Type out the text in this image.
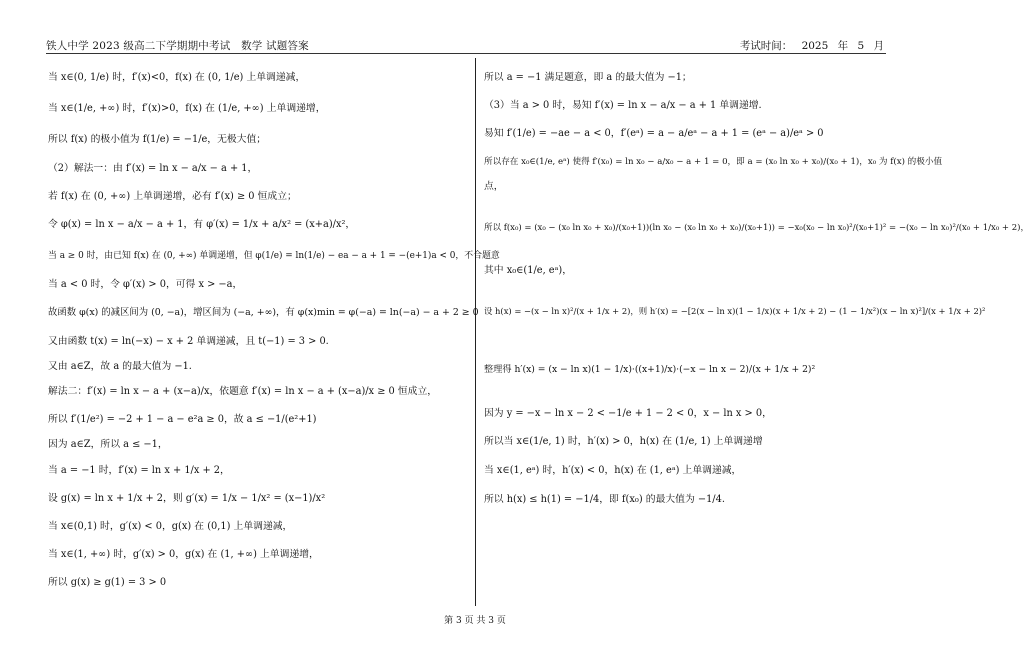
铁人中学 2023 级高二下学期期中考试　数学 试题答案	考试时间： 2025 年 5 月
当 x∈(0, 1/e) 时，f′(x)<0，f(x) 在 (0, 1/e) 上单调递减，
当 x∈(1/e, +∞) 时，f′(x)>0，f(x) 在 (1/e, +∞) 上单调递增，
所以 f(x) 的极小值为 f(1/e) = −1/e，无极大值；
（2）解法一：由 f′(x) = ln x − a/x − a + 1，
若 f(x) 在 (0, +∞) 上单调递增，必有 f′(x) ≥ 0 恒成立；
令 φ(x) = ln x − a/x − a + 1，有 φ′(x) = 1/x + a/x² = (x+a)/x²，
当 a ≥ 0 时，由已知 f(x) 在 (0, +∞) 单调递增，但 φ(1/e) = ln(1/e) − ea − a + 1 = −(e+1)a < 0，不合题意
当 a < 0 时，令 φ′(x) > 0，可得 x > −a，
故函数 φ(x) 的减区间为 (0, −a)，增区间为 (−a, +∞)，有 φ(x)min = φ(−a) = ln(−a) − a + 2 ≥ 0
又由函数 t(x) = ln(−x) − x + 2 单调递减，且 t(−1) = 3 > 0.
又由 a∈Z，故 a 的最大值为 −1.
解法二：f′(x) = ln x − a + (x−a)/x，依题意 f′(x) = ln x − a + (x−a)/x ≥ 0 恒成立，
所以 f′(1/e²) = −2 + 1 − a − e²a ≥ 0，故 a ≤ −1/(e²+1)
因为 a∈Z，所以 a ≤ −1，
当 a = −1 时，f′(x) = ln x + 1/x + 2，
设 g(x) = ln x + 1/x + 2，则 g′(x) = 1/x − 1/x² = (x−1)/x²
当 x∈(0,1) 时，g′(x) < 0，g(x) 在 (0,1) 上单调递减，
当 x∈(1, +∞) 时，g′(x) > 0，g(x) 在 (1, +∞) 上单调递增，
所以 g(x) ≥ g(1) = 3 > 0
所以 a = −1 满足题意，即 a 的最大值为 −1；
（3）当 a > 0 时，易知 f′(x) = ln x − a/x − a + 1 单调递增.
易知 f′(1/e) = −ae − a < 0，f′(eᵃ) = a − a/eᵃ − a + 1 = (eᵃ − a)/eᵃ > 0
所以存在 x₀∈(1/e, eᵃ) 使得 f′(x₀) = ln x₀ − a/x₀ − a + 1 = 0，即 a = (x₀ ln x₀ + x₀)/(x₀ + 1)，x₀ 为 f(x) 的极小值
点，
所以 f(x₀) = (x₀ − (x₀ ln x₀ + x₀)/(x₀+1))(ln x₀ − (x₀ ln x₀ + x₀)/(x₀+1)) = −x₀(x₀ − ln x₀)²/(x₀+1)² = −(x₀ − ln x₀)²/(x₀ + 1/x₀ + 2)，
其中 x₀∈(1/e, eᵃ)，
设 h(x) = −(x − ln x)²/(x + 1/x + 2)，则 h′(x) = −[2(x − ln x)(1 − 1/x)(x + 1/x + 2) − (1 − 1/x²)(x − ln x)²]/(x + 1/x + 2)²
整理得 h′(x) = (x − ln x)(1 − 1/x)·((x+1)/x)·(−x − ln x − 2)/(x + 1/x + 2)²
因为 y = −x − ln x − 2 < −1/e + 1 − 2 < 0，x − ln x > 0，
所以当 x∈(1/e, 1) 时，h′(x) > 0，h(x) 在 (1/e, 1) 上单调递增
当 x∈(1, eᵃ) 时，h′(x) < 0，h(x) 在 (1, eᵃ) 上单调递减，
所以 h(x) ≤ h(1) = −1/4，即 f(x₀) 的最大值为 −1/4.
第 3 页 共 3 页
